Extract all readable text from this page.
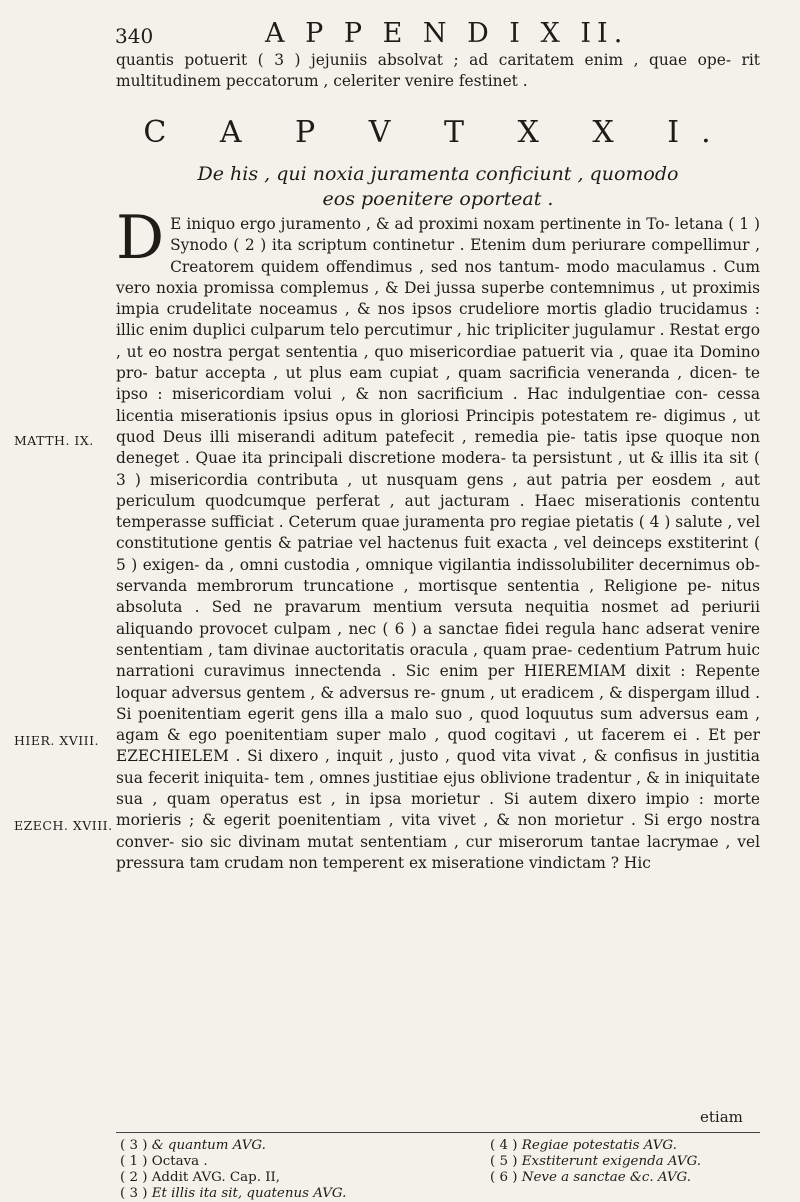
340	A P P E N D I X II.
quantis potuerit ( 3 ) jejuniis absolvat ; ad caritatem enim , quae ope- rit multitudinem peccatorum , celeriter venire festinet .
C A P V T X X I.
De his , qui noxia juramenta conficiunt , quomodo
eos poenitere oporteat .
D E iniquo ergo juramento , & ad proximi noxam pertinente in To- letana ( 1 ) Synodo ( 2 ) ita scriptum continetur . Etenim dum periurare compellimur , Creatorem quidem offendimus , sed nos tantum- modo maculamus . Cum vero noxia promissa complemus , & Dei jussa superbe contemnimus , ut proximis impia crudelitate noceamus , & nos ipsos crudeliore mortis gladio trucidamus : illic enim duplici culparum telo percutimur , hic tripliciter jugulamur . Restat ergo , ut eo nostra pergat sententia , quo misericordiae patuerit via , quae ita Domino pro- batur accepta , ut plus eam cupiat , quam sacrificia veneranda , dicen- te ipso : misericordiam volui , & non sacrificium . Hac indulgentiae con- cessa licentia miserationis ipsius opus in gloriosi Principis potestatem re- digimus , ut quod Deus illi miserandi aditum patefecit , remedia pie- tatis ipse quoque non deneget . Quae ita principali discretione modera- ta persistunt , ut & illis ita sit ( 3 ) misericordia contributa , ut nusquam gens , aut patria per eosdem , aut periculum quodcumque perferat , aut jacturam . Haec miserationis contentu temperasse sufficiat . Ceterum quae juramenta pro regiae pietatis ( 4 ) salute , vel constitutione gentis & patriae vel hactenus fuit exacta , vel deinceps exstiterint ( 5 ) exigen- da , omni custodia , omnique vigilantia indissolubiliter decernimus ob- servanda membrorum truncatione , mortisque sententia , Religione pe- nitus absoluta . Sed ne pravarum mentium versuta nequitia nosmet ad periurii aliquando provocet culpam , nec ( 6 ) a sanctae fidei regula hanc adserat venire sententiam , tam divinae auctoritatis oracula , quam prae- cedentium Patrum huic narrationi curavimus innectenda . Sic enim per HIEREMIAM dixit : Repente loquar adversus gentem , & adversus re- gnum , ut eradicem , & dispergam illud . Si poenitentiam egerit gens illa a malo suo , quod loquutus sum adversus eam , agam & ego poenitentiam super malo , quod cogitavi , ut facerem ei . Et per EZECHIELEM . Si dixero , inquit , justo , quod vita vivat , & confisus in justitia sua fecerit iniquita- tem , omnes justitiae ejus oblivione tradentur , & in iniquitate sua , quam operatus est , in ipsa morietur . Si autem dixero impio : morte morieris ; & egerit poenitentiam , vita vivet , & non morietur . Si ergo nostra conver- sio sic divinam mutat sententiam , cur miserorum tantae lacrymae , vel pressura tam crudam non temperent ex miseratione vindictam ? Hic

MATTH. IX.
HIER. XVIII.
EZECH. XVIII.
etiam
( 3 ) & quantum AVG.
( 1 ) Octava .
( 2 ) Addit AVG. Cap. II,
( 3 ) Et illis ita sit, quatenus AVG.
( 4 ) Regiae potestatis AVG.
( 5 ) Exstiterunt exigenda AVG.
( 6 ) Neve a sanctae &c. AVG.
